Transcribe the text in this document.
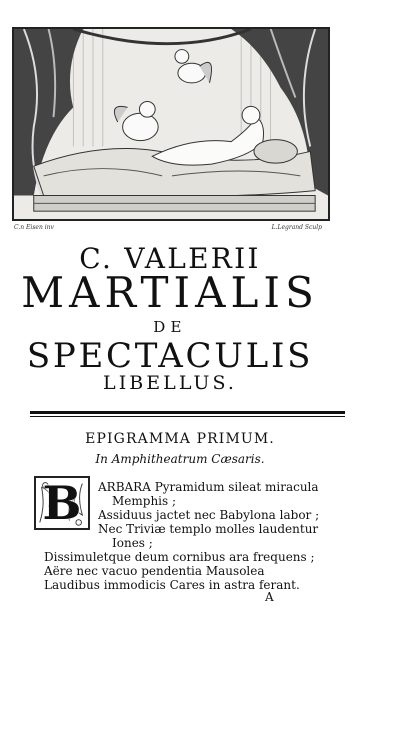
C.n Eisen inv	L.Legrand Sculp
C. VALERII
MARTIALIS
DE
SPECTACULIS
LIBELLUS.
EPIGRAMMA PRIMUM.
In Amphitheatrum Cæsaris.
B	ARBARA Pyramidum sileat miracula
Memphis ;
Assiduus jactet nec Babylona labor ;
Nec Triviæ templo molles laudentur
Iones ;
Dissimuletque deum cornibus ara frequens ;
Aëre nec vacuo pendentia Mausolea
Laudibus immodicis Cares in astra ferant.
A
